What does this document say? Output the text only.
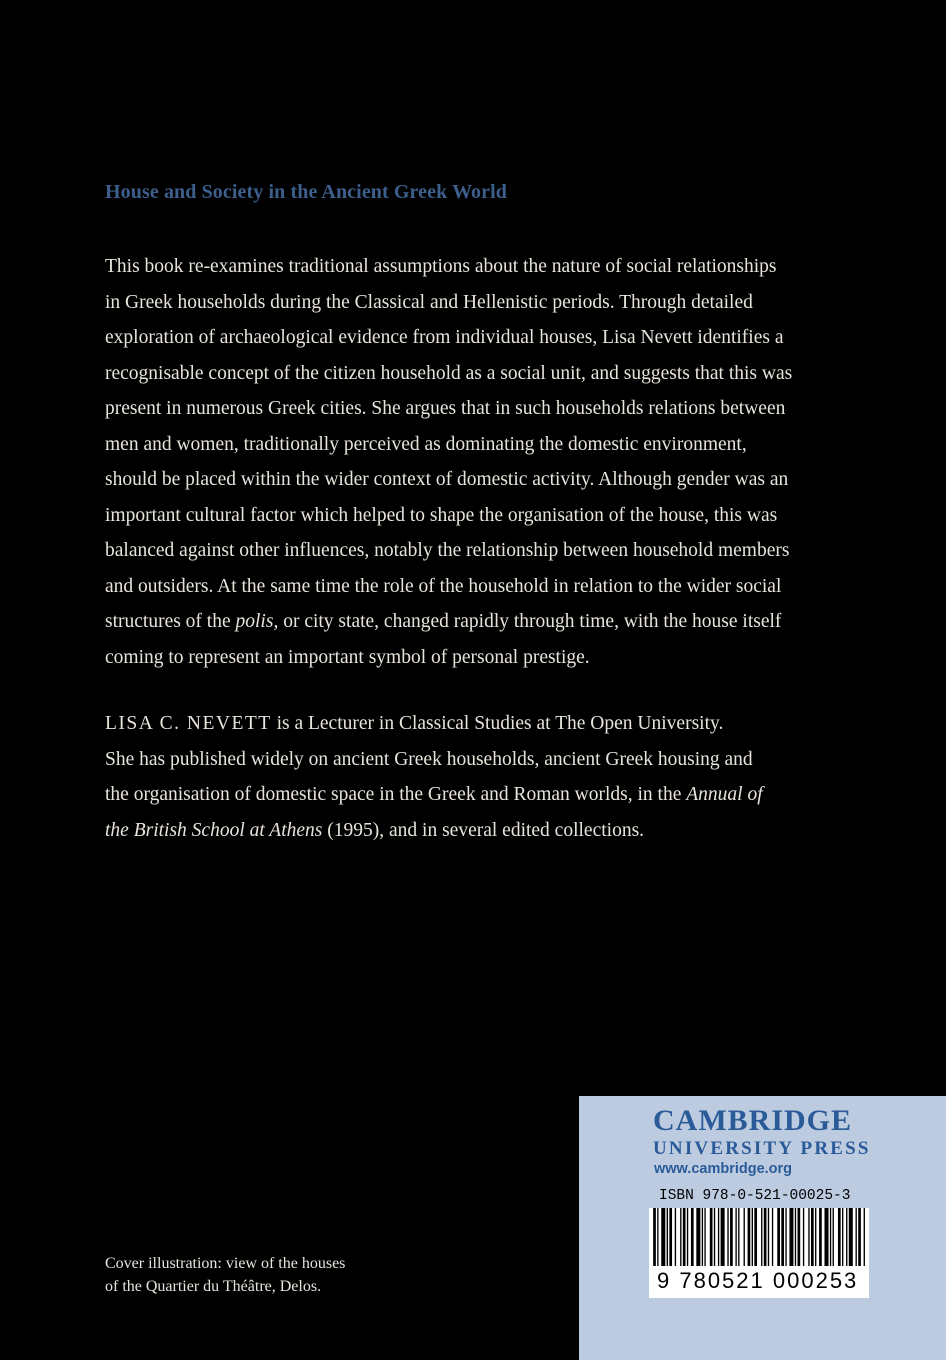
House and Society in the Ancient Greek World
This book re-examines traditional assumptions about the nature of social relationships
in Greek households during the Classical and Hellenistic periods. Through detailed
exploration of archaeological evidence from individual houses, Lisa Nevett identifies a
recognisable concept of the citizen household as a social unit, and suggests that this was
present in numerous Greek cities. She argues that in such households relations between
men and women, traditionally perceived as dominating the domestic environment,
should be placed within the wider context of domestic activity. Although gender was an
important cultural factor which helped to shape the organisation of the house, this was
balanced against other influences, notably the relationship between household members
and outsiders. At the same time the role of the household in relation to the wider social
structures of the polis, or city state, changed rapidly through time, with the house itself
coming to represent an important symbol of personal prestige.
LISA C. NEVETT is a Lecturer in Classical Studies at The Open University.
She has published widely on ancient Greek households, ancient Greek housing and
the organisation of domestic space in the Greek and Roman worlds, in the Annual of
the British School at Athens (1995), and in several edited collections.
Cover illustration: view of the houses
of the Quartier du Théâtre, Delos.
CAMBRIDGE
UNIVERSITY PRESS
www.cambridge.org
ISBN 978-0-521-00025-3
9 780521 000253
